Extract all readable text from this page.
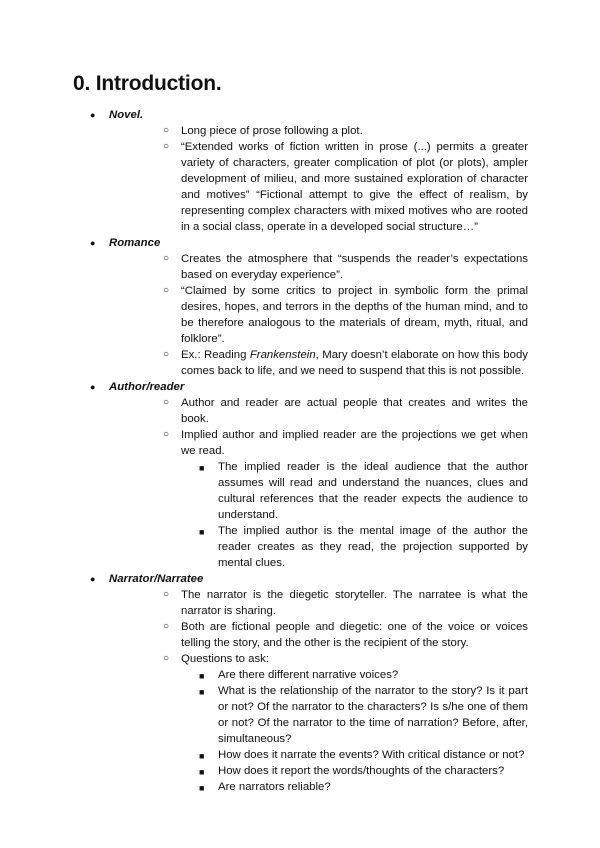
0. Introduction.
● Novel.
○ Long piece of prose following a plot.
○ “Extended works of fiction written in prose (...) permits a greater variety of characters, greater complication of plot (or plots), ampler development of milieu, and more sustained exploration of character and motives” “Fictional attempt to give the effect of realism, by representing complex characters with mixed motives who are rooted in a social class, operate in a developed social structure…”
● Romance
○ Creates the atmosphere that “suspends the reader’s expectations based on everyday experience”.
○ “Claimed by some critics to project in symbolic form the primal desires, hopes, and terrors in the depths of the human mind, and to be therefore analogous to the materials of dream, myth, ritual, and folklore”.
○ Ex.: Reading Frankenstein, Mary doesn’t elaborate on how this body comes back to life, and we need to suspend that this is not possible.
● Author/reader
○ Author and reader are actual people that creates and writes the book.
○ Implied author and implied reader are the projections we get when we read.
■ The implied reader is the ideal audience that the author assumes will read and understand the nuances, clues and cultural references that the reader expects the audience to understand.
■ The implied author is the mental image of the author the reader creates as they read, the projection supported by mental clues.
● Narrator/Narratee
○ The narrator is the diegetic storyteller. The narratee is what the narrator is sharing.
○ Both are fictional people and diegetic: one of the voice or voices telling the story, and the other is the recipient of the story.
○ Questions to ask:
■ Are there different narrative voices?
■ What is the relationship of the narrator to the story? Is it part or not? Of the narrator to the characters? Is s/he one of them or not? Of the narrator to the time of narration? Before, after, simultaneous?
■ How does it narrate the events? With critical distance or not?
■ How does it report the words/thoughts of the characters?
■ Are narrators reliable?
